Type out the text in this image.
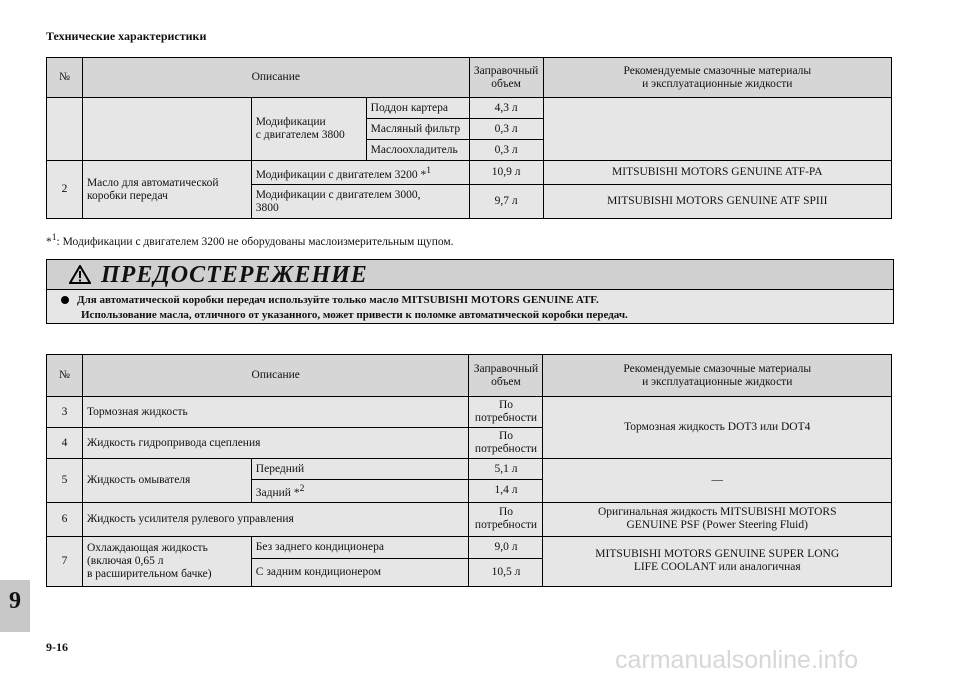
Технические характеристики
№	Описание			Заправочный
объем	Рекомендуемые смазочные материалы
и эксплуатационные жидкости
		Модификации
с двигателем 3800	Поддон картера	4,3 л	
			Масляный фильтр	0,3 л	
			Маслоохладитель	0,3 л	
2	Масло для автоматической
коробки передач	Модификации с двигателем 3200 *$^1$		10,9 л	MITSUBISHI MOTORS GENUINE ATF-PA
		Модификации с двигателем 3000,
3800		9,7 л	MITSUBISHI MOTORS GENUINE ATF SPIII
*$^1$: Модификации с двигателем 3200 не оборудованы маслоизмерительным щупом.
ПРЕДОСТЕРЕЖЕНИЕ
Для автоматической коробки передач используйте только масло MITSUBISHI MOTORS GENUINE ATF.
Использование масла, отличного от указанного, может привести к поломке автоматической коробки передач.
№	Описание		Заправочный
объем	Рекомендуемые смазочные материалы
и эксплуатационные жидкости
3	Тормозная жидкость		По потребности	Тормозная жидкость DOT3 или DOT4
4	Жидкость гидропривода сцепления		По потребности	
5	Жидкость омывателя	Передний	5,1 л	—
		Задний *$^2$	1,4 л	
6	Жидкость усилителя рулевого управления		По потребности	Оригинальная жидкость MITSUBISHI MOTORS
GENUINE PSF (Power Steering Fluid)
7	Охлаждающая жидкость
(включая 0,65 л
в расширительном бачке)	Без заднего кондиционера	9,0 л	MITSUBISHI MOTORS GENUINE SUPER LONG
LIFE COOLANT или аналогичная
		С задним кондиционером	10,5 л	
9
9-16	carmanualsonline.info
